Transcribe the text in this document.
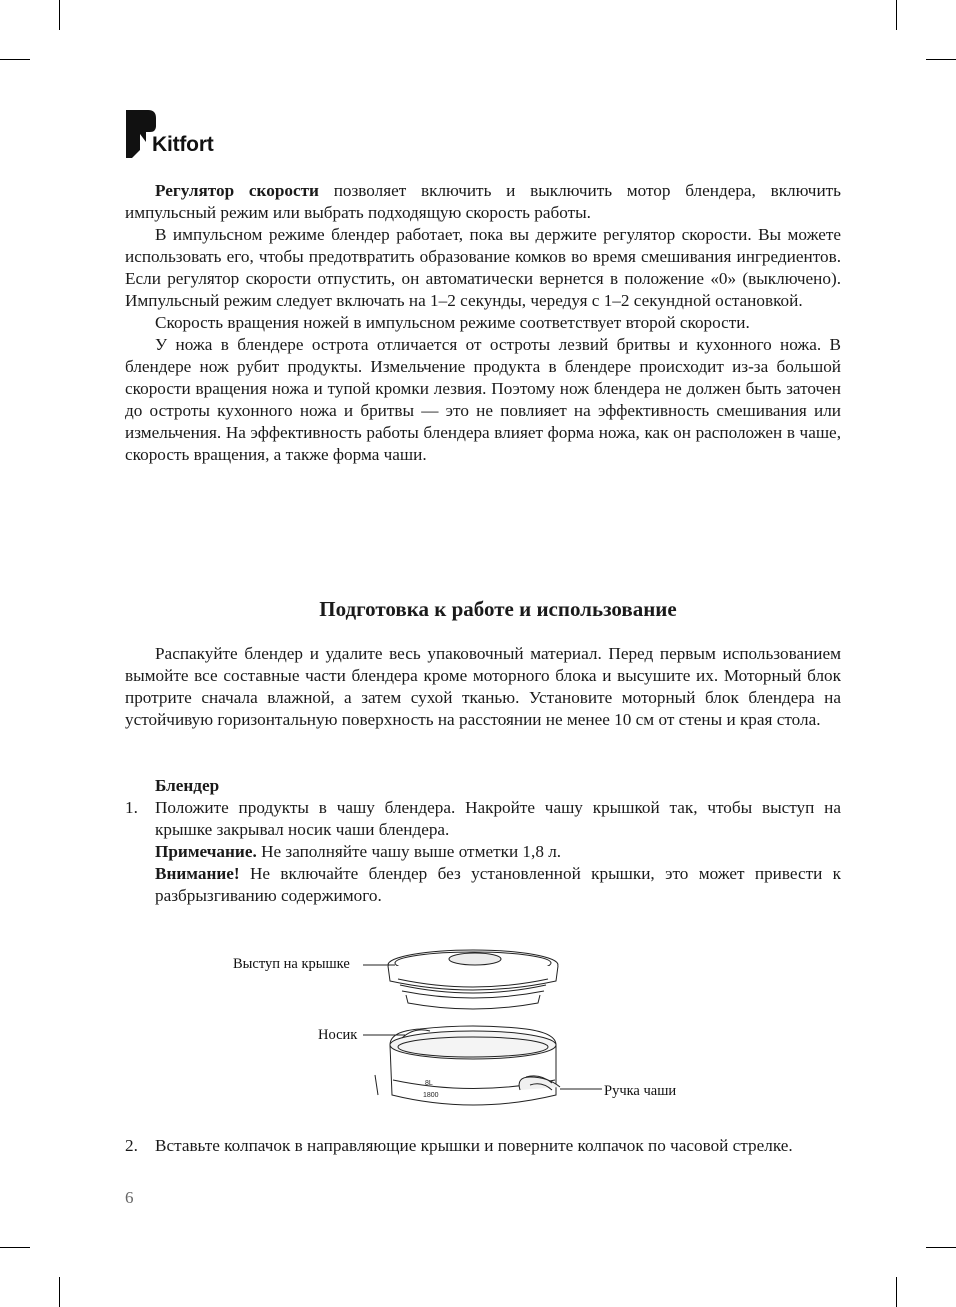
Kitfort

Регулятор скорости позволяет включить и выключить мотор блендера, включить импульсный режим или выбрать подходящую скорость работы.

В импульсном режиме блендер работает, пока вы держите регулятор скорости. Вы можете использовать его, чтобы предотвратить образование комков во время смешивания ингредиентов. Если регулятор скорости отпустить, он автоматически вернется в положение «0» (выключено). Импульсный режим следует включать на 1–2 секунды, чередуя с 1–2 секундной остановкой.

Скорость вращения ножей в импульсном режиме соответствует второй скорости.

У ножа в блендере острота отличается от остроты лезвий бритвы и кухонного ножа. В блендере нож рубит продукты. Измельчение продукта в блендере происходит из-за большой скорости вращения ножа и тупой кромки лезвия. Поэтому нож блендера не должен быть заточен до остроты кухонного ножа и бритвы — это не повлияет на эффективность смешивания или измельчения. На эффективность работы блендера влияет форма ножа, как он расположен в чаше, скорость вращения, а также форма чаши.

Подготовка к работе и использование

Распакуйте блендер и удалите весь упаковочный материал. Перед первым использованием вымойте все составные части блендера кроме моторного блока и высушите их. Моторный блок протрите сначала влажной, а затем сухой тканью. Установите моторный блок блендера на устойчивую горизонтальную поверхность на расстоянии не менее 10 см от стены и края стола.

Блендер

1. Положите продукты в чашу блендера. Накройте чашу крышкой так, чтобы выступ на крышке закрывал носик чаши блендера.

Примечание. Не заполняйте чашу выше отметки 1,8 л.

Внимание! Не включайте блендер без установленной крышки, это может привести к разбрызгиванию содержимого.

8L
1800
Выступ на крышке
Носик
Ручка чаши
2. Вставьте колпачок в направляющие крышки и поверните колпачок по часовой стрелке.

6
